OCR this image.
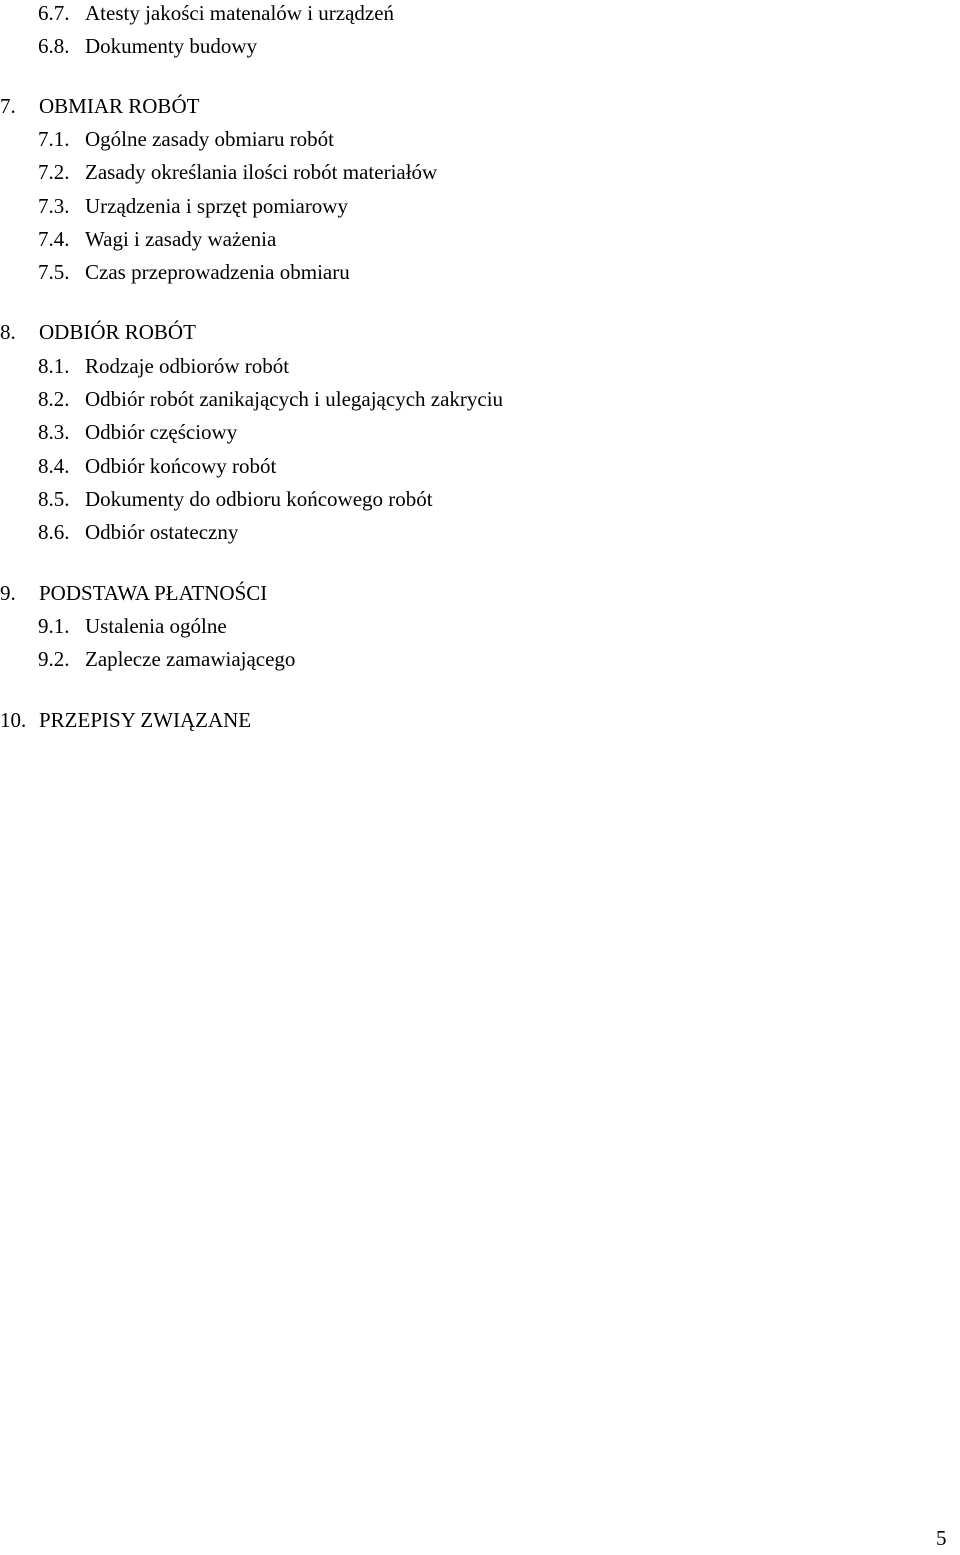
6.7. Atesty jakości matenalów i urządzeń
6.8. Dokumenty budowy
7. OBMIAR ROBÓT
7.1. Ogólne zasady obmiaru robót
7.2. Zasady określania ilości robót materiałów
7.3. Urządzenia i sprzęt pomiarowy
7.4. Wagi i zasady ważenia
7.5. Czas przeprowadzenia obmiaru
8. ODBIÓR ROBÓT
8.1. Rodzaje odbiorów robót
8.2. Odbiór robót zanikających i ulegających zakryciu
8.3. Odbiór częściowy
8.4. Odbiór końcowy robót
8.5. Dokumenty do odbioru końcowego robót
8.6. Odbiór ostateczny
9. PODSTAWA PŁATNOŚCI
9.1. Ustalenia ogólne
9.2. Zaplecze zamawiającego
10. PRZEPISY ZWIĄZANE
5
